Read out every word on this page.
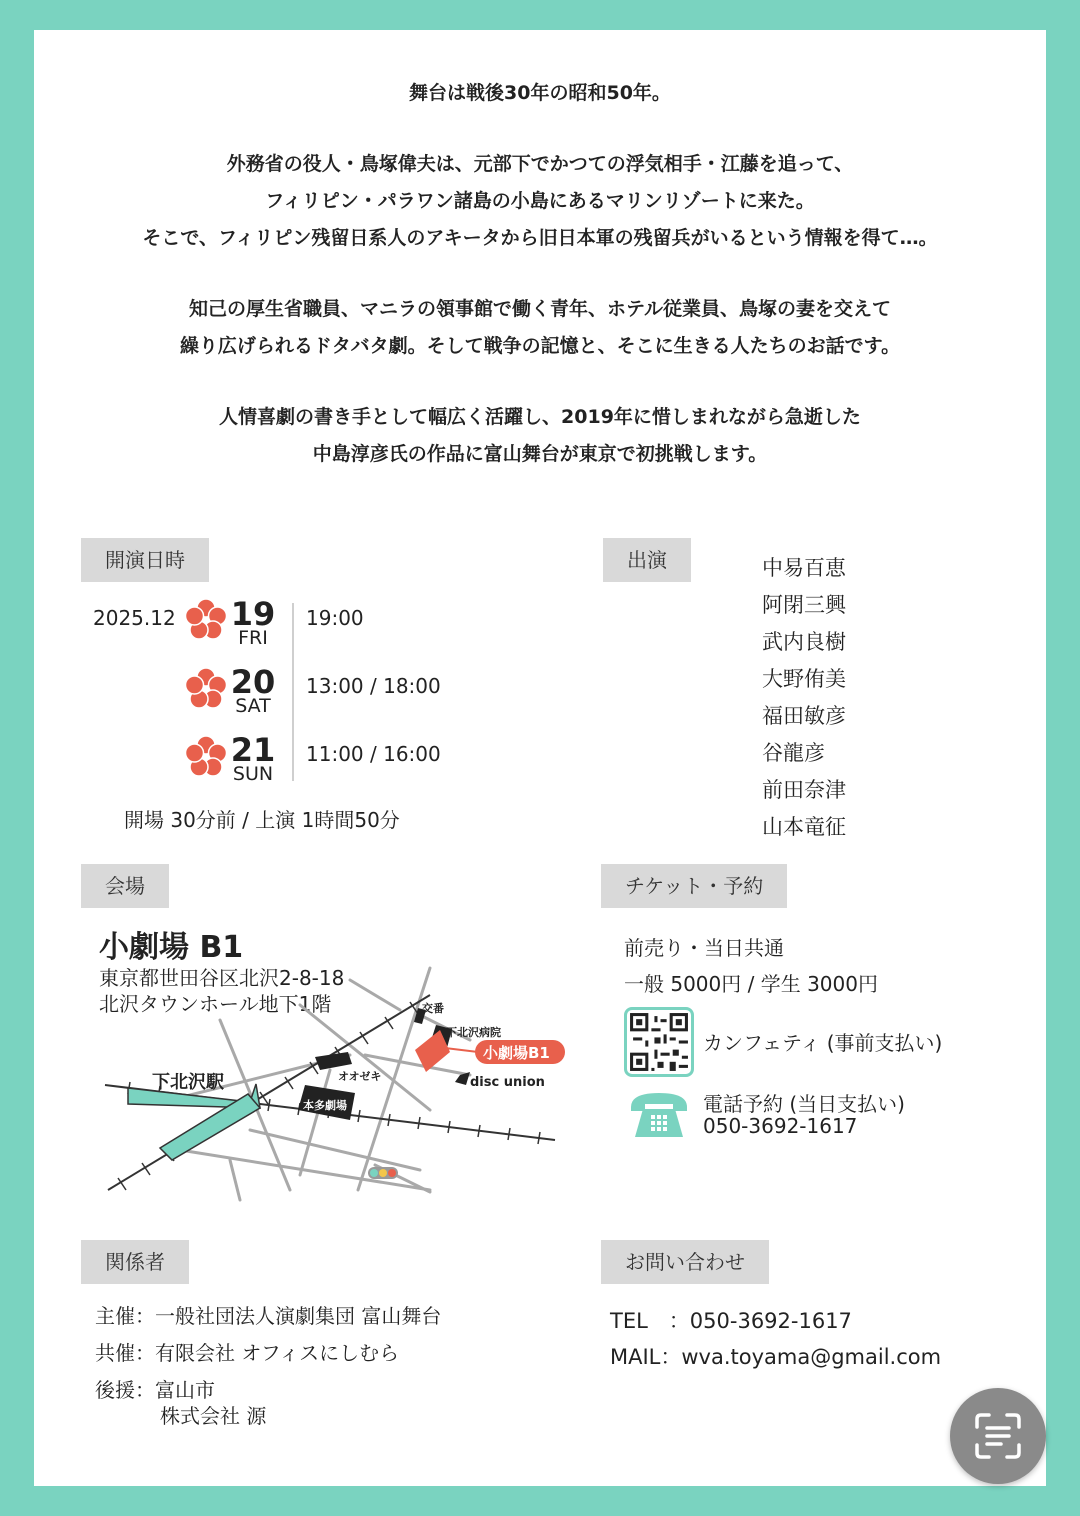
舞台は戦後30年の昭和50年。

外務省の役人・鳥塚偉夫は、元部下でかつての浮気相手・江藤を追って、

フィリピン・パラワン諸島の小島にあるマリンリゾートに来た。

そこで、フィリピン残留日系人のアキータから旧日本軍の残留兵がいるという情報を得て…。

知己の厚生省職員、マニラの領事館で働く青年、ホテル従業員、鳥塚の妻を交えて

繰り広げられるドタバタ劇。そして戦争の記憶と、そこに生きる人たちのお話です。

人情喜劇の書き手として幅広く活躍し、2019年に惜しまれながら急逝した

中島淳彦氏の作品に富山舞台が東京で初挑戦します。

開演日時
2025.12 19
FRI
20
SAT
21
SUN
19:00
13:00 / 18:00
11:00 / 16:00
開場 30分前 / 上演 1時間50分
出演	中易百恵
阿閉三興
武内良樹
大野侑美
福田敏彦
谷龍彦
前田奈津
山本竜征
会場
小劇場 B1
東京都世田谷区北沢2-8-18
北沢タウンホール地下1階
小劇場B1
下北沢駅
交番
下北沢病院
オオゼキ	disc union
本多劇場
チケット・予約
前売り・当日共通
一般 5000円 / 学生 3000円
カンフェティ (事前支払い)
電話予約 (当日支払い)
050-3692-1617
関係者
主催：一般社団法人演劇集団 富山舞台
共催：有限会社 オフィスにしむら
後援：富山市
株式会社 源
お問い合わせ
TEL　：050-3692-1617
MAIL：wva.toyama@gmail.com
